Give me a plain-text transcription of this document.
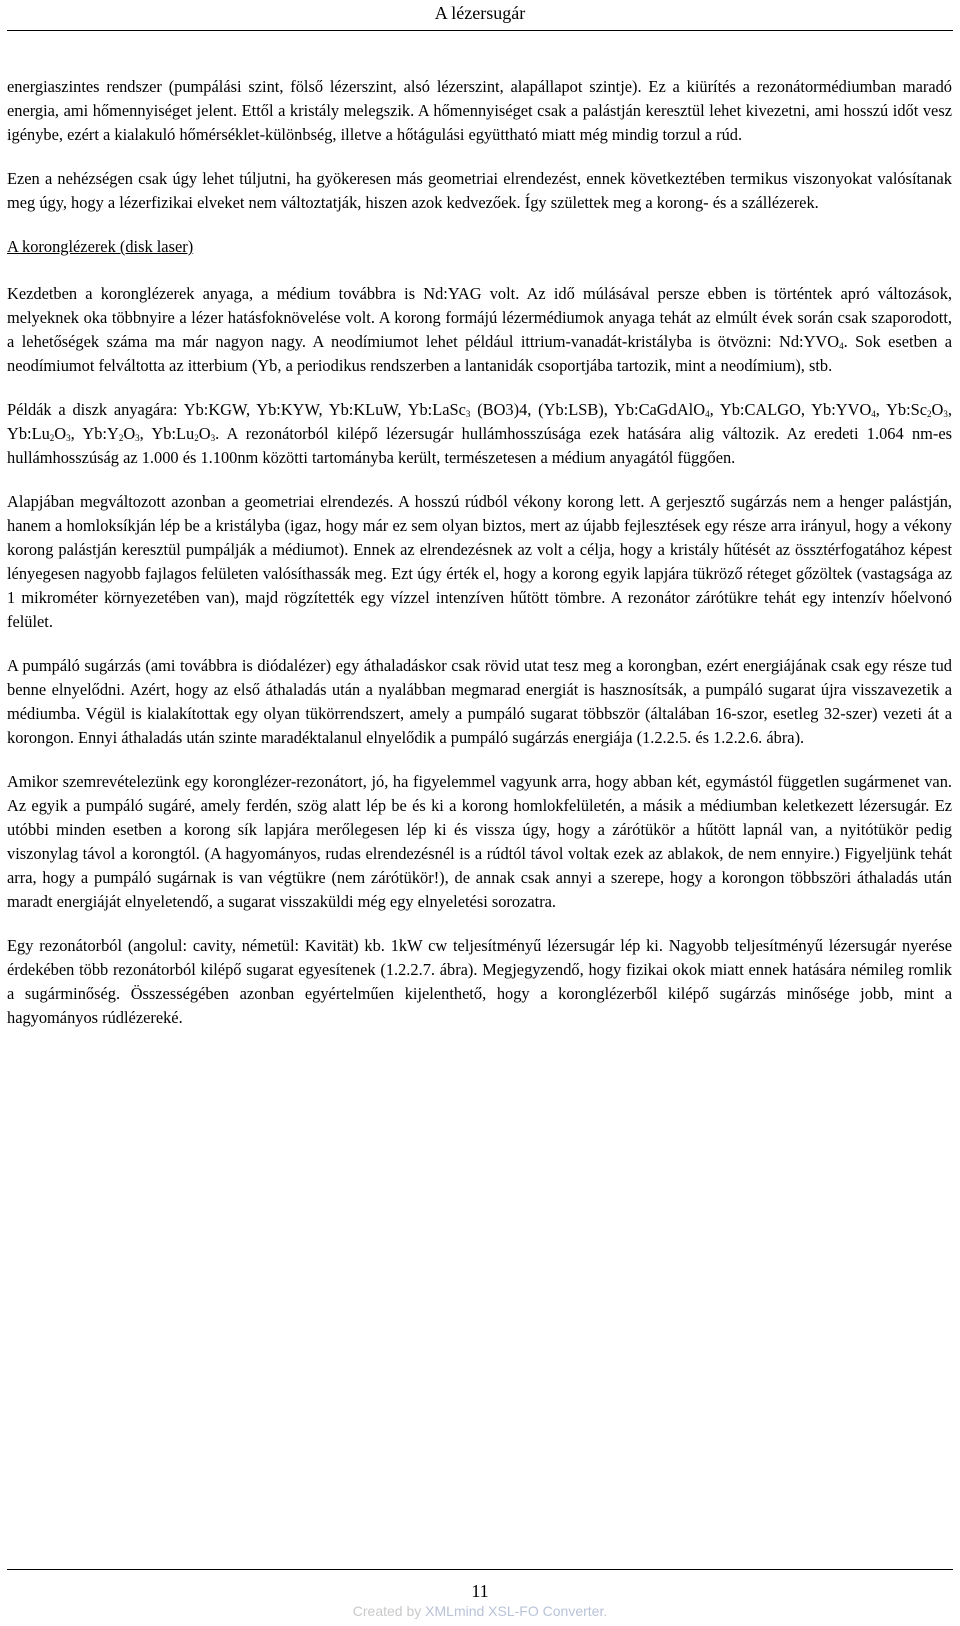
A lézersugár

energiaszintes rendszer (pumpálási szint, fölső lézerszint, alsó lézerszint, alapállapot szintje). Ez a kiürítés a rezonátormédiumban maradó energia, ami hőmennyiséget jelent. Ettől a kristály melegszik. A hőmennyiséget csak a palástján keresztül lehet kivezetni, ami hosszú időt vesz igénybe, ezért a kialakuló hőmérséklet-különbség, illetve a hőtágulási együttható miatt még mindig torzul a rúd.

Ezen a nehézségen csak úgy lehet túljutni, ha gyökeresen más geometriai elrendezést, ennek következtében termikus viszonyokat valósítanak meg úgy, hogy a lézerfizikai elveket nem változtatják, hiszen azok kedvezőek. Így születtek meg a korong- és a szállézerek.

A koronglézerek (disk laser)

Kezdetben a koronglézerek anyaga, a médium továbbra is Nd:YAG volt. Az idő múlásával persze ebben is történtek apró változások, melyeknek oka többnyire a lézer hatásfoknövelése volt. A korong formájú lézermédiumok anyaga tehát az elmúlt évek során csak szaporodott, a lehetőségek száma ma már nagyon nagy. A neodímiumot lehet például ittrium-vanadát-kristályba is ötvözni: $Nd:YVO_4$. Sok esetben a neodímiumot felváltotta az itterbium (Yb, a periodikus rendszerben a lantanidák csoportjába tartozik, mint a neodímium), stb.

Példák a diszk anyagára: Yb:KGW, Yb:KYW, Yb:KLuW, Yb:LaSc$_3$ (BO3)4, (Yb:LSB), Yb:CaGdAlO$_4$, Yb:CALGO, $Yb:YVO_4$, $Yb:Sc_2O_3$, $Yb:Lu_2O_3$, $Yb:Y_2O_3$, $Yb:Lu_2O_3$. A rezonátorból kilépő lézersugár hullámhosszúsága ezek hatására alig változik. Az eredeti 1.064 nm-es hullámhosszúság az 1.000 és 1.100nm közötti tartományba került, természetesen a médium anyagától függően.

Alapjában megváltozott azonban a geometriai elrendezés. A hosszú rúdból vékony korong lett. A gerjesztő sugárzás nem a henger palástján, hanem a homloksíkján lép be a kristályba (igaz, hogy már ez sem olyan biztos, mert az újabb fejlesztések egy része arra irányul, hogy a vékony korong palástján keresztül pumpálják a médiumot). Ennek az elrendezésnek az volt a célja, hogy a kristály hűtését az össztérfogatához képest lényegesen nagyobb fajlagos felületen valósíthassák meg. Ezt úgy érték el, hogy a korong egyik lapjára tükröző réteget gőzöltek (vastagsága az 1 mikrométer környezetében van), majd rögzítették egy vízzel intenzíven hűtött tömbre. A rezonátor zárótükre tehát egy intenzív hőelvonó felület.

A pumpáló sugárzás (ami továbbra is diódalézer) egy áthaladáskor csak rövid utat tesz meg a korongban, ezért energiájának csak egy része tud benne elnyelődni. Azért, hogy az első áthaladás után a nyalábban megmarad energiát is hasznosítsák, a pumpáló sugarat újra visszavezetik a médiumba. Végül is kialakítottak egy olyan tükörrendszert, amely a pumpáló sugarat többször (általában 16-szor, esetleg 32-szer) vezeti át a korongon. Ennyi áthaladás után szinte maradéktalanul elnyelődik a pumpáló sugárzás energiája (1.2.2.5. és 1.2.2.6. ábra).

Amikor szemrevételezünk egy koronglézer-rezonátort, jó, ha figyelemmel vagyunk arra, hogy abban két, egymástól független sugármenet van. Az egyik a pumpáló sugáré, amely ferdén, szög alatt lép be és ki a korong homlokfelületén, a másik a médiumban keletkezett lézersugár. Ez utóbbi minden esetben a korong sík lapjára merőlegesen lép ki és vissza úgy, hogy a zárótükör a hűtött lapnál van, a nyitótükör pedig viszonylag távol a korongtól. (A hagyományos, rudas elrendezésnél is a rúdtól távol voltak ezek az ablakok, de nem ennyire.) Figyeljünk tehát arra, hogy a pumpáló sugárnak is van végtükre (nem zárótükör!), de annak csak annyi a szerepe, hogy a korongon többszöri áthaladás után maradt energiáját elnyeletendő, a sugarat visszaküldi még egy elnyeletési sorozatra.

Egy rezonátorból (angolul: cavity, németül: Kavität) kb. 1kW cw teljesítményű lézersugár lép ki. Nagyobb teljesítményű lézersugár nyerése érdekében több rezonátorból kilépő sugarat egyesítenek (1.2.2.7. ábra). Megjegyzendő, hogy fizikai okok miatt ennek hatására némileg romlik a sugárminőség. Összességében azonban egyértelműen kijelenthető, hogy a koronglézerből kilépő sugárzás minősége jobb, mint a hagyományos rúdlézereké.

11
Created by XMLmind XSL-FO Converter.
